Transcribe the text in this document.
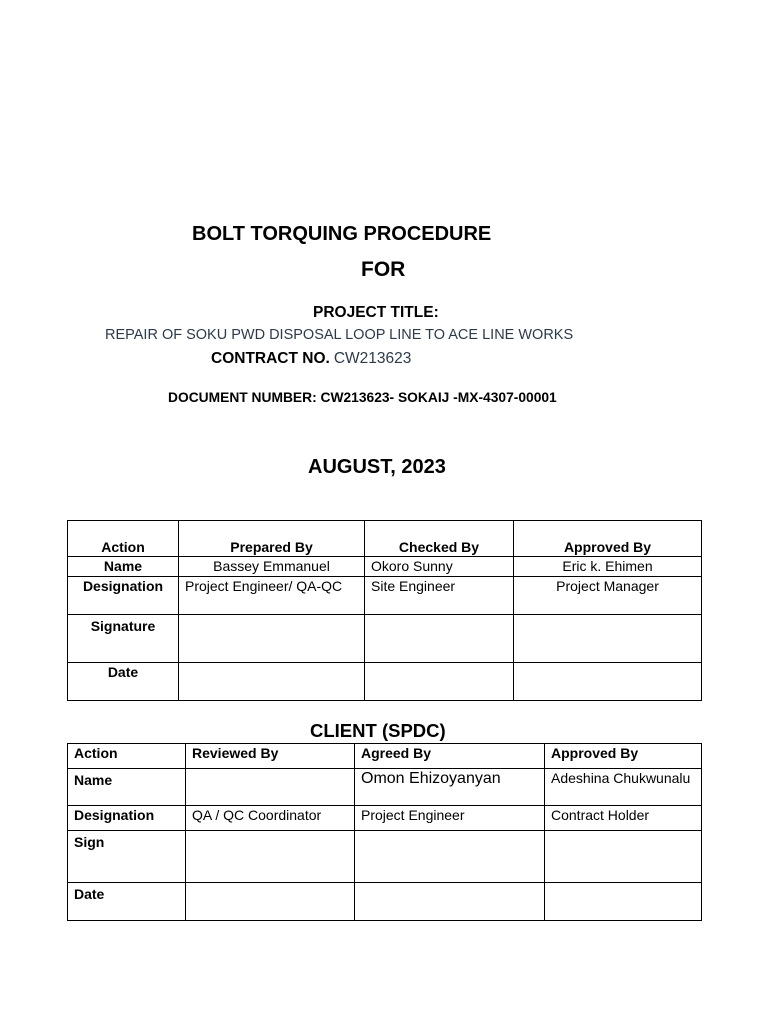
BOLT TORQUING PROCEDURE
FOR
PROJECT TITLE:
REPAIR OF SOKU PWD DISPOSAL LOOP LINE TO ACE LINE WORKS
CONTRACT NO. CW213623
DOCUMENT NUMBER: CW213623- SOKAIJ -MX-4307-00001
AUGUST, 2023
Action	Prepared By	Checked By	Approved By
Name	Bassey Emmanuel	Okoro Sunny	Eric k. Ehimen
Designation	Project Engineer/ QA-QC	Site Engineer	Project Manager
Signature			
Date			
CLIENT (SPDC)
Action	Reviewed By	Agreed By	Approved By
Name		Omon Ehizoyanyan	Adeshina Chukwunalu
Designation	QA / QC Coordinator	Project Engineer	Contract Holder
Sign			
Date			
